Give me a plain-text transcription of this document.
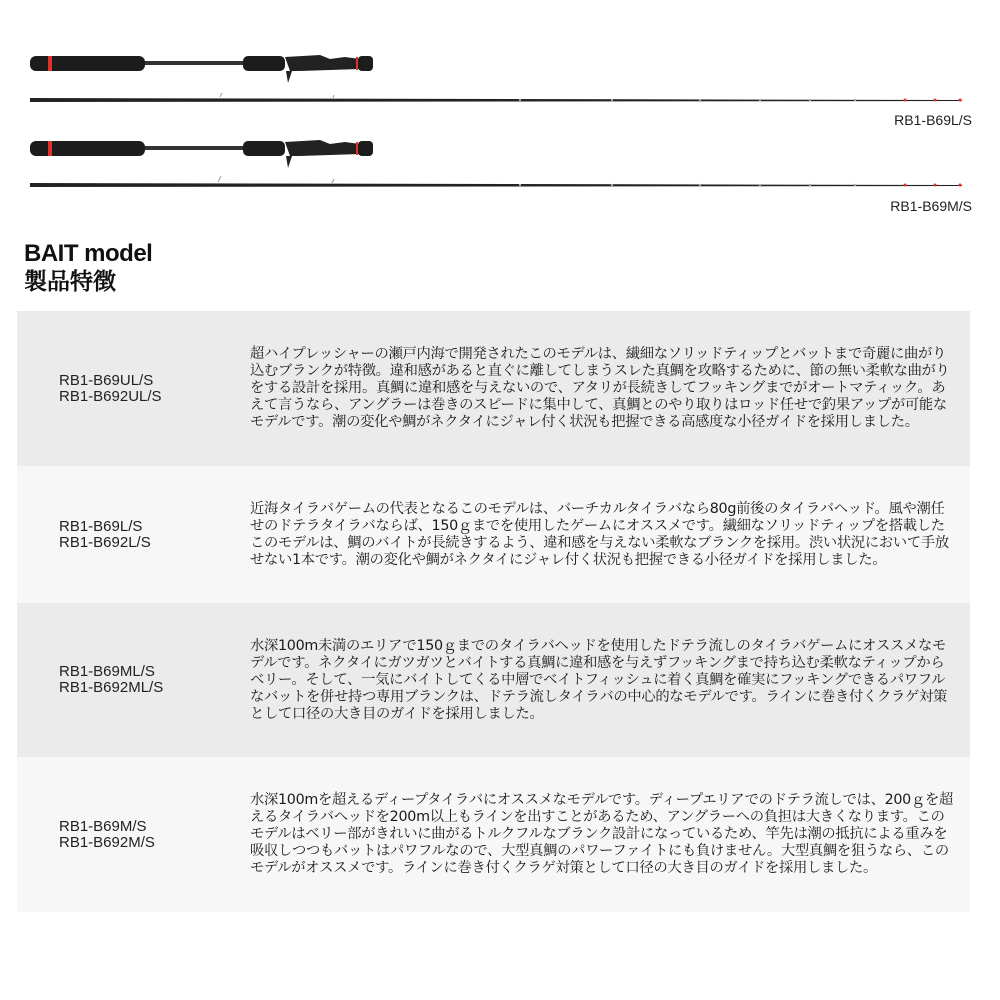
RB1-B69L/S
RB1-B69M/S
BAIT model
製品特徴
RB1-B69UL/S
RB1-B692UL/S
超ハイプレッシャーの瀬戸内海で開発されたこのモデルは、繊細なソリッドティップとバットまで奇麗に曲がり込むブランクが特徴。違和感があると直ぐに離してしまうスレた真鯛を攻略するために、節の無い柔軟な曲がりをする設計を採用。真鯛に違和感を与えないので、アタリが長続きしてフッキングまでがオートマティック。あえて言うなら、アングラーは巻きのスピードに集中して、真鯛とのやり取りはロッド任せで釣果アップが可能なモデルです。潮の変化や鯛がネクタイにジャレ付く状況も把握できる高感度な小径ガイドを採用しました。
RB1-B69L/S
RB1-B692L/S
近海タイラバゲームの代表となるこのモデルは、バーチカルタイラバなら80g前後のタイラバヘッド。風や潮任せのドテラタイラバならば、150ｇまでを使用したゲームにオススメです。繊細なソリッドティップを搭載したこのモデルは、鯛のバイトが長続きするよう、違和感を与えない柔軟なブランクを採用。渋い状況において手放せない1本です。潮の変化や鯛がネクタイにジャレ付く状況も把握できる小径ガイドを採用しました。
RB1-B69ML/S
RB1-B692ML/S
水深100m未満のエリアで150ｇまでのタイラバヘッドを使用したドテラ流しのタイラバゲームにオススメなモデルです。ネクタイにガツガツとバイトする真鯛に違和感を与えずフッキングまで持ち込む柔軟なティップからベリー。そして、一気にバイトしてくる中層でベイトフィッシュに着く真鯛を確実にフッキングできるパワフルなバットを併せ持つ専用ブランクは、ドテラ流しタイラバの中心的なモデルです。ラインに巻き付くクラゲ対策として口径の大き目のガイドを採用しました。
RB1-B69M/S
RB1-B692M/S
水深100mを超えるディープタイラバにオススメなモデルです。ディープエリアでのドテラ流しでは、200ｇを超えるタイラバヘッドを200m以上もラインを出すことがあるため、アングラーへの負担は大きくなります。このモデルはベリー部がきれいに曲がるトルクフルなブランク設計になっているため、竿先は潮の抵抗による重みを吸収しつつもバットはパワフルなので、大型真鯛のパワーファイトにも負けません。大型真鯛を狙うなら、このモデルがオススメです。ラインに巻き付くクラゲ対策として口径の大き目のガイドを採用しました。
